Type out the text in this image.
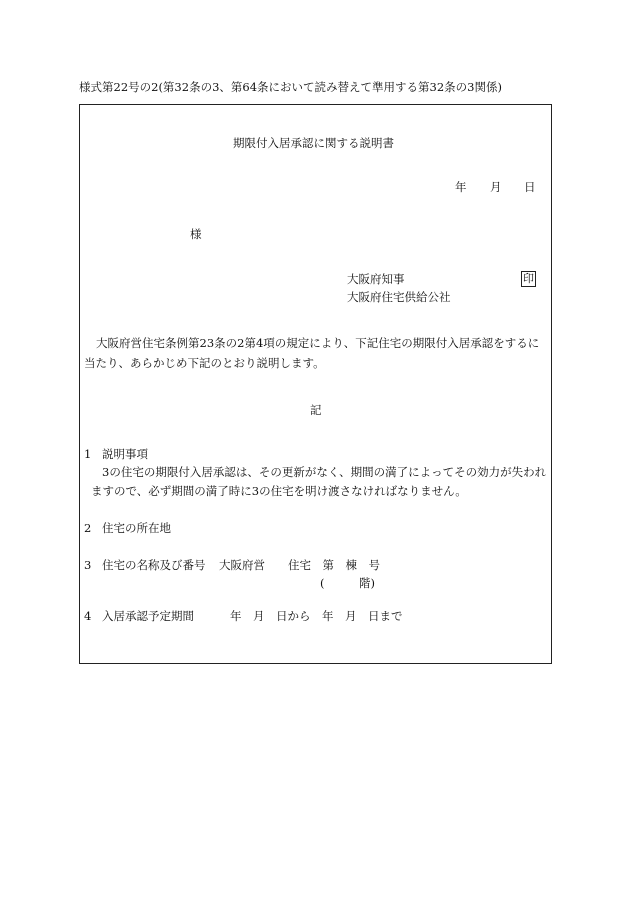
様式第22号の2(第32条の3、第64条において読み替えて準用する第32条の3関係)
期限付入居承認に関する説明書
年 月 日
様
大阪府知事	印
大阪府住宅供給公社
大阪府営住宅条例第23条の2第4項の規定により、下記住宅の期限付入居承認をするに当たり、あらかじめ下記のとおり説明します。
記
1 説明事項
3の住宅の期限付入居承認は、その更新がなく、期間の満了によってその効力が失われ
ますので、必ず期間の満了時に3の住宅を明け渡さなければなりません。
2 住宅の所在地
3 住宅の名称及び番号 大阪府営　　住宅　第　棟　号
(　　　階)
4 入居承認予定期間	年　月　日から　年　月　日まで
